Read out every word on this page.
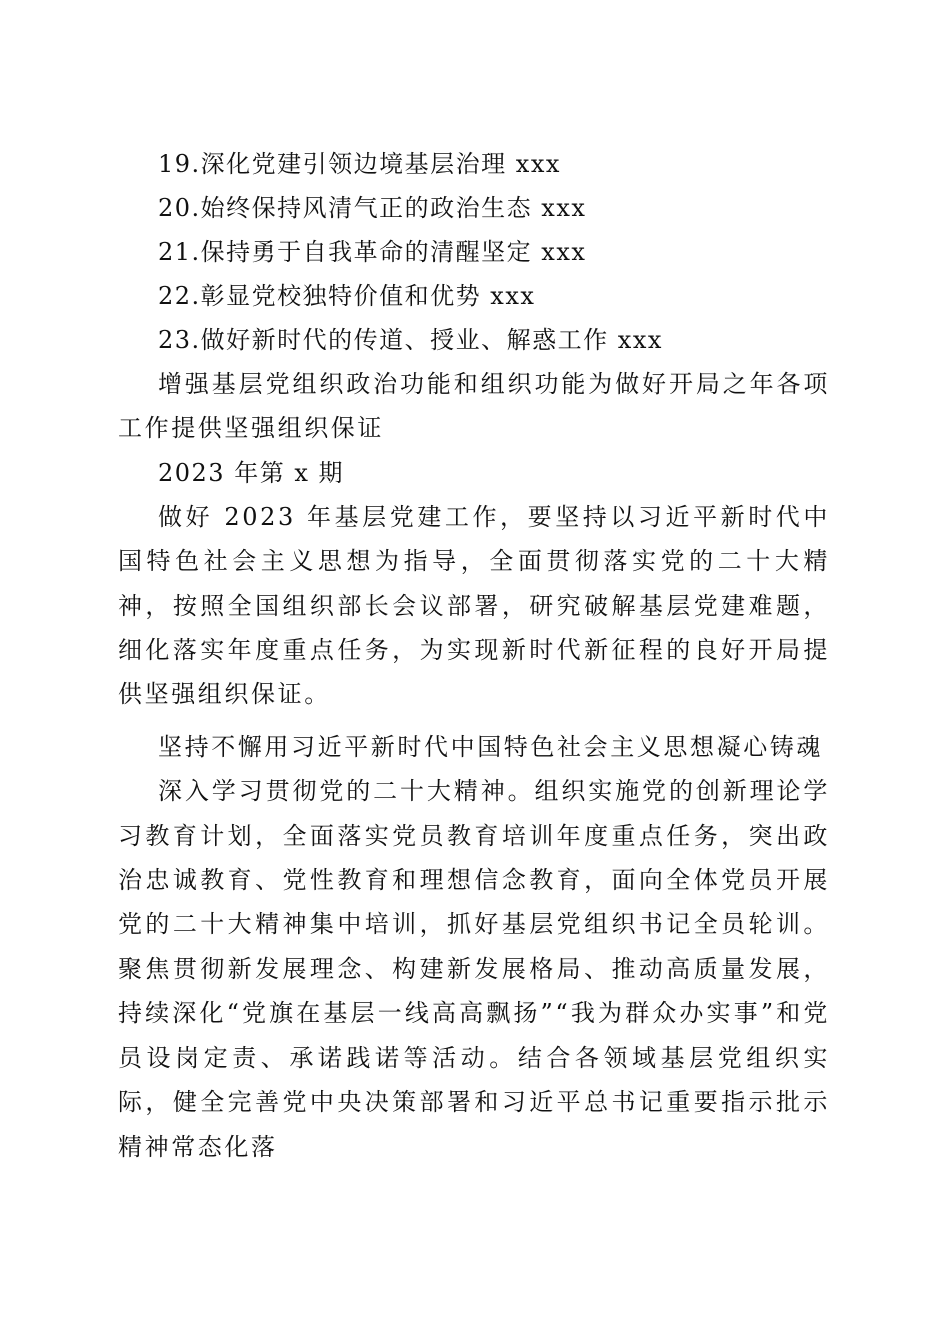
19.深化党建引领边境基层治理 xxx
20.始终保持风清气正的政治生态 xxx
21.保持勇于自我革命的清醒坚定 xxx
22.彰显党校独特价值和优势 xxx
23.做好新时代的传道、授业、解惑工作 xxx

增强基层党组织政治功能和组织功能为做好开局之年各项工作提供坚强组织保证

2023 年第 x 期

做好 2023 年基层党建工作，要坚持以习近平新时代中国特色社会主义思想为指导，全面贯彻落实党的二十大精神，按照全国组织部长会议部署，研究破解基层党建难题，细化落实年度重点任务，为实现新时代新征程的良好开局提供坚强组织保证。

坚持不懈用习近平新时代中国特色社会主义思想凝心铸魂

深入学习贯彻党的二十大精神。组织实施党的创新理论学习教育计划，全面落实党员教育培训年度重点任务，突出政治忠诚教育、党性教育和理想信念教育，面向全体党员开展党的二十大精神集中培训，抓好基层党组织书记全员轮训。聚焦贯彻新发展理念、构建新发展格局、推动高质量发展，持续深化“党旗在基层一线高高飘扬”“我为群众办实事”和党员设岗定责、承诺践诺等活动。结合各领域基层党组织实际，健全完善党中央决策部署和习近平总书记重要指示批示精神常态化落
